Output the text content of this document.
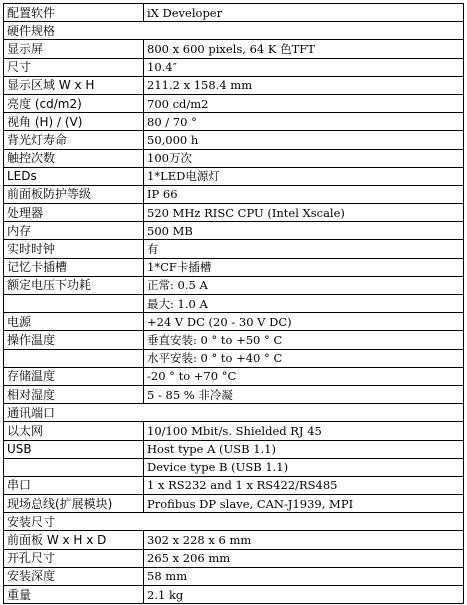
配置软件	iX Developer
硬件规格	
显示屏	800 x 600 pixels, 64 K 色TFT
尺寸	10.4″
显示区域 W x H	211.2 x 158.4 mm
亮度 (cd/m2)	700 cd/m2
视角 (H) / (V)	80 / 70 °
背光灯寿命	50,000 h
触控次数	100万次
LEDs	1*LED电源灯
前面板防护等级	IP 66
处理器	520 MHz RISC CPU (Intel Xscale)
内存	500 MB
实时时钟	有
记忆卡插槽	1*CF卡插槽
额定电压下功耗	正常: 0.5 A
	最大: 1.0 A
电源	+24 V DC (20 - 30 V DC)
操作温度	垂直安装: 0 ° to +50 ° C
	水平安装: 0 ° to +40 ° C
存储温度	-20 ° to +70 °C
相对湿度	5 - 85 % 非冷凝
通讯端口	
以太网	10/100 Mbit/s. Shielded RJ 45
USB	Host type A (USB 1.1)
	Device type B (USB 1.1)
串口	1 x RS232 and 1 x RS422/RS485
现场总线(扩展模块)	Profibus DP slave, CAN-J1939, MPI
安装尺寸	
前面板 W x H x D	302 x 228 x 6 mm
开孔尺寸	265 x 206 mm
安装深度	58 mm
重量	2.1 kg
